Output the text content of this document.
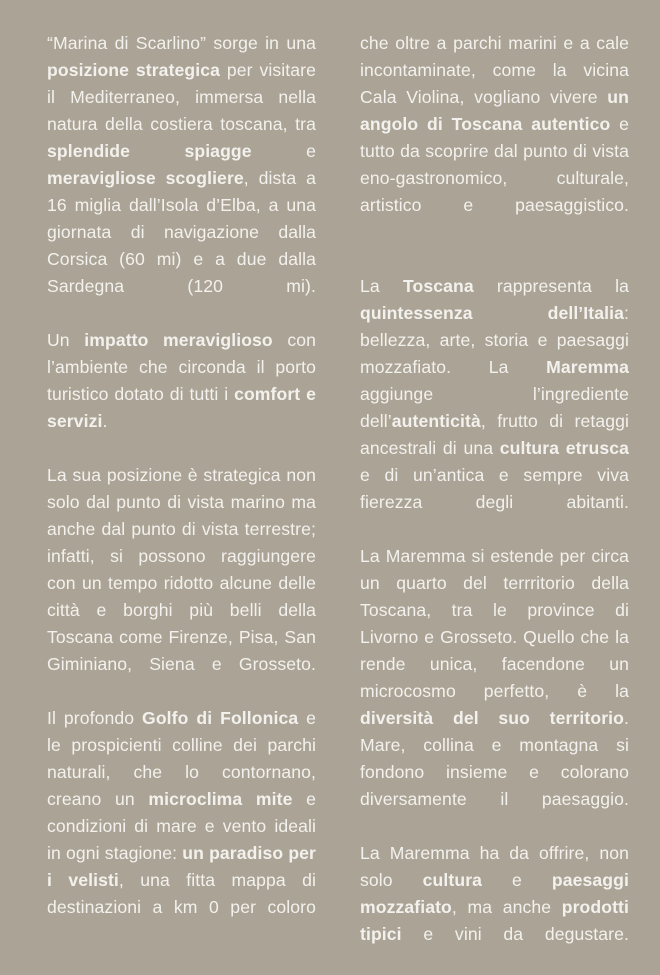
“Marina di Scarlino” sorge in una posizione strategica per visitare il Mediterraneo, immersa nella natura della costiera toscana, tra splendide spiagge e meravigliose scogliere, dista a 16 miglia dall’Isola d’Elba, a una giornata di navigazione dalla Corsica (60 mi) e a due dalla Sardegna (120 mi).

Un impatto meraviglioso con l’ambiente che circonda il porto turistico dotato di tutti i comfort e servizi.

La sua posizione è strategica non solo dal punto di vista marino ma anche dal punto di vista terrestre; infatti, si possono raggiungere con un tempo ridotto alcune delle città e borghi più belli della Toscana come Firenze, Pisa, San Giminiano, Siena e Grosseto.

Il profondo Golfo di Follonica e le prospicienti colline dei parchi naturali, che lo contornano, creano un microclima mite e condizioni di mare e vento ideali in ogni stagione: un paradiso per i velisti, una fitta mappa di destinazioni a km 0 per coloro

che oltre a parchi marini e a cale incontaminate, come la vicina Cala Violina, vogliano vivere un angolo di Toscana autentico e tutto da scoprire dal punto di vista eno-gastronomico, culturale, artistico e paesaggistico.

La Toscana rappresenta la quintessenza dell’Italia: bellezza, arte, storia e paesaggi mozzafiato. La Maremma aggiunge l’ingrediente dell’autenticità, frutto di retaggi ancestrali di una cultura etrusca e di un’antica e sempre viva fierezza degli abitanti.

La Maremma si estende per circa un quarto del terrritorio della Toscana, tra le province di Livorno e Grosseto. Quello che la rende unica, facendone un microcosmo perfetto, è la diversità del suo territorio. Mare, collina e montagna si fondono insieme e colorano diversamente il paesaggio.

La Maremma ha da offrire, non solo cultura e paesaggi mozzafiato, ma anche prodotti tipici e vini da degustare.
